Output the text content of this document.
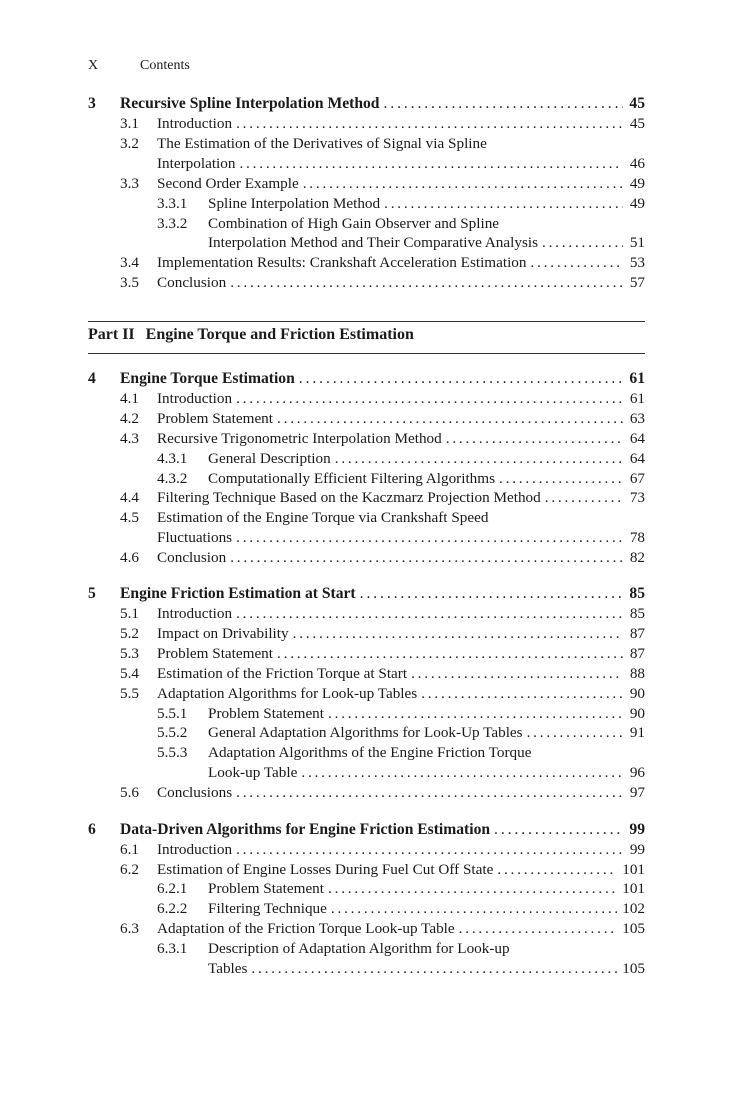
X	Contents
3 Recursive Spline Interpolation Method . . .	45
3.1 Introduction . . .	45
3.2 The Estimation of the Derivatives of Signal via Spline
Interpolation . . .	46
3.3 Second Order Example . . .	49
3.3.1 Spline Interpolation Method . . .	49
3.3.2 Combination of High Gain Observer and Spline
Interpolation Method and Their Comparative Analysis . . .	51
3.4 Implementation Results: Crankshaft Acceleration Estimation . . .	53
3.5 Conclusion . . .	57
4 Engine Torque Estimation . . .	61
4.1 Introduction . . .	61
4.2 Problem Statement . . .	63
4.3 Recursive Trigonometric Interpolation Method . . .	64
4.3.1 General Description . . .	64
4.3.2 Computationally Efficient Filtering Algorithms . . .	67
4.4 Filtering Technique Based on the Kaczmarz Projection Method . . .	73
4.5 Estimation of the Engine Torque via Crankshaft Speed
Fluctuations . . .	78
4.6 Conclusion . . .	82
5 Engine Friction Estimation at Start . . .	85
5.1 Introduction . . .	85
5.2 Impact on Drivability . . .	87
5.3 Problem Statement . . .	87
5.4 Estimation of the Friction Torque at Start . . .	88
5.5 Adaptation Algorithms for Look-up Tables . . .	90
5.5.1 Problem Statement . . .	90
5.5.2 General Adaptation Algorithms for Look-Up Tables . . .	91
5.5.3 Adaptation Algorithms of the Engine Friction Torque
Look-up Table . . .	96
5.6 Conclusions . . .	97
6 Data-Driven Algorithms for Engine Friction Estimation . . .	99
6.1 Introduction . . .	99
6.2 Estimation of Engine Losses During Fuel Cut Off State . . .	101
6.2.1 Problem Statement . . .	101
6.2.2 Filtering Technique . . .	102
6.3 Adaptation of the Friction Torque Look-up Table . . .	105
6.3.1 Description of Adaptation Algorithm for Look-up
Tables . . .	105
Part II Engine Torque and Friction Estimation
